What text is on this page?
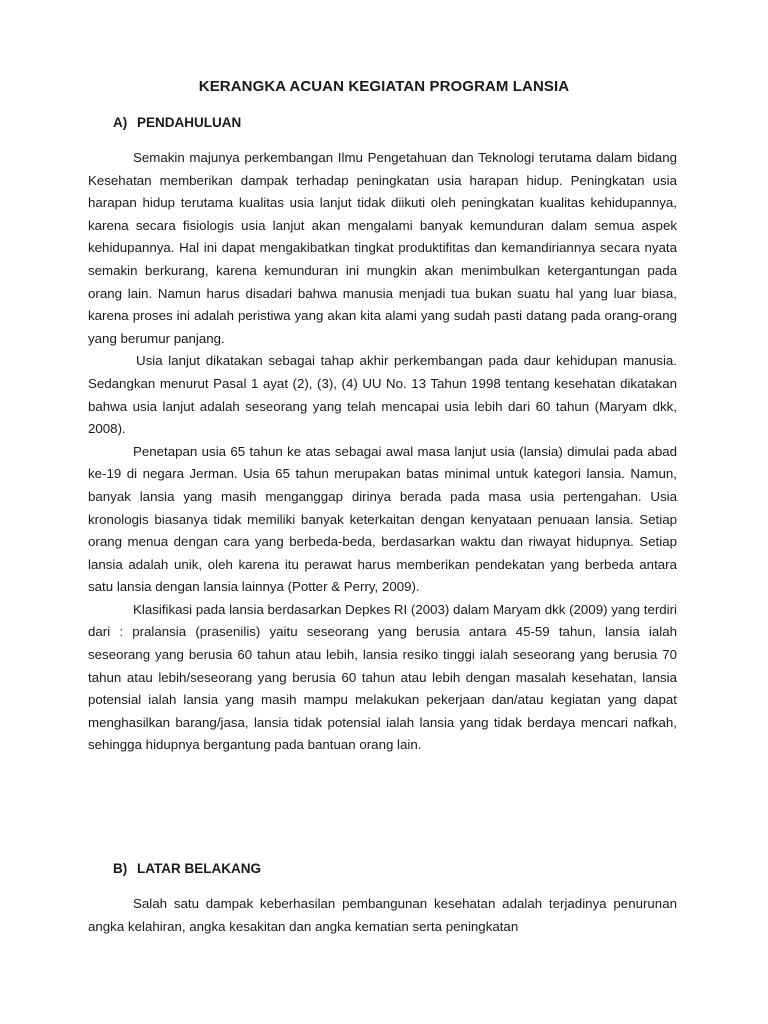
KERANGKA ACUAN KEGIATAN PROGRAM LANSIA
A) PENDAHULUAN

Semakin majunya perkembangan Ilmu Pengetahuan dan Teknologi terutama dalam bidang Kesehatan memberikan dampak terhadap peningkatan usia harapan hidup. Peningkatan usia harapan hidup terutama kualitas usia lanjut tidak diikuti oleh peningkatan kualitas kehidupannya, karena secara fisiologis usia lanjut akan mengalami banyak kemunduran dalam semua aspek kehidupannya. Hal ini dapat mengakibatkan tingkat produktifitas dan kemandiriannya secara nyata semakin berkurang, karena kemunduran ini mungkin akan menimbulkan ketergantungan pada orang lain. Namun harus disadari bahwa manusia menjadi tua bukan suatu hal yang luar biasa, karena proses ini adalah peristiwa yang akan kita alami yang sudah pasti datang pada orang-orang yang berumur panjang.

Usia lanjut dikatakan sebagai tahap akhir perkembangan pada daur kehidupan manusia. Sedangkan menurut Pasal 1 ayat (2), (3), (4) UU No. 13 Tahun 1998 tentang kesehatan dikatakan bahwa usia lanjut adalah seseorang yang telah mencapai usia lebih dari 60 tahun (Maryam dkk, 2008).

Penetapan usia 65 tahun ke atas sebagai awal masa lanjut usia (lansia) dimulai pada abad ke-19 di negara Jerman. Usia 65 tahun merupakan batas minimal untuk kategori lansia. Namun, banyak lansia yang masih menganggap dirinya berada pada masa usia pertengahan. Usia kronologis biasanya tidak memiliki banyak keterkaitan dengan kenyataan penuaan lansia. Setiap orang menua dengan cara yang berbeda-beda, berdasarkan waktu dan riwayat hidupnya. Setiap lansia adalah unik, oleh karena itu perawat harus memberikan pendekatan yang berbeda antara satu lansia dengan lansia lainnya (Potter & Perry, 2009).

Klasifikasi pada lansia berdasarkan Depkes RI (2003) dalam Maryam dkk (2009) yang terdiri dari : pralansia (prasenilis) yaitu seseorang yang berusia antara 45-59 tahun, lansia ialah seseorang yang berusia 60 tahun atau lebih, lansia resiko tinggi ialah seseorang yang berusia 70 tahun atau lebih/seseorang yang berusia 60 tahun atau lebih dengan masalah kesehatan, lansia potensial ialah lansia yang masih mampu melakukan pekerjaan dan/atau kegiatan yang dapat menghasilkan barang/jasa, lansia tidak potensial ialah lansia yang tidak berdaya mencari nafkah, sehingga hidupnya bergantung pada bantuan orang lain.

B) LATAR BELAKANG

Salah satu dampak keberhasilan pembangunan kesehatan adalah terjadinya penurunan angka kelahiran, angka kesakitan dan angka kematian serta peningkatan
